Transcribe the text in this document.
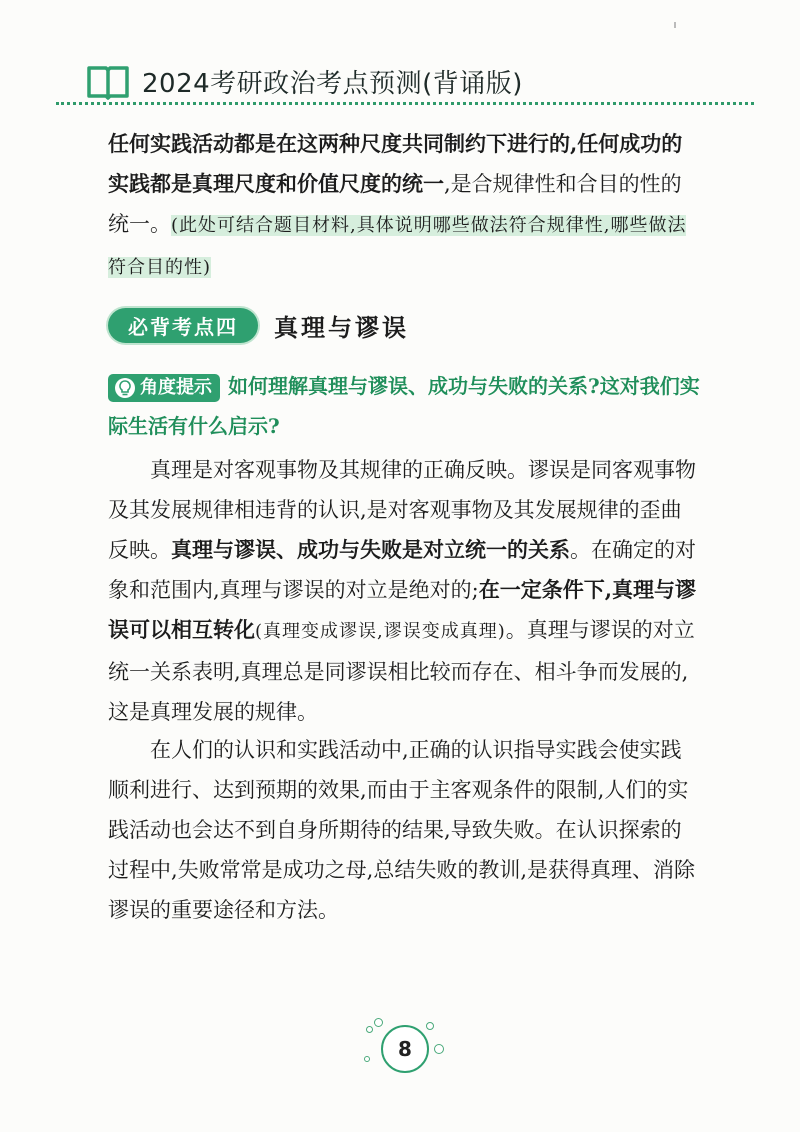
2024考研政治考点预测(背诵版)

任何实践活动都是在这两种尺度共同制约下进行的,任何成功的实践都是真理尺度和价值尺度的统一,是合规律性和合目的性的统一。(此处可结合题目材料,具体说明哪些做法符合规律性,哪些做法符合目的性)

必背考点四	真理与谬误
角度提示 如何理解真理与谬误、成功与失败的关系?这对我们实际生活有什么启示?

真理是对客观事物及其规律的正确反映。谬误是同客观事物及其发展规律相违背的认识,是对客观事物及其发展规律的歪曲反映。真理与谬误、成功与失败是对立统一的关系。在确定的对象和范围内,真理与谬误的对立是绝对的;在一定条件下,真理与谬误可以相互转化(真理变成谬误,谬误变成真理)。真理与谬误的对立统一关系表明,真理总是同谬误相比较而存在、相斗争而发展的,这是真理发展的规律。

在人们的认识和实践活动中,正确的认识指导实践会使实践顺利进行、达到预期的效果,而由于主客观条件的限制,人们的实践活动也会达不到自身所期待的结果,导致失败。在认识探索的过程中,失败常常是成功之母,总结失败的教训,是获得真理、消除谬误的重要途径和方法。

8
